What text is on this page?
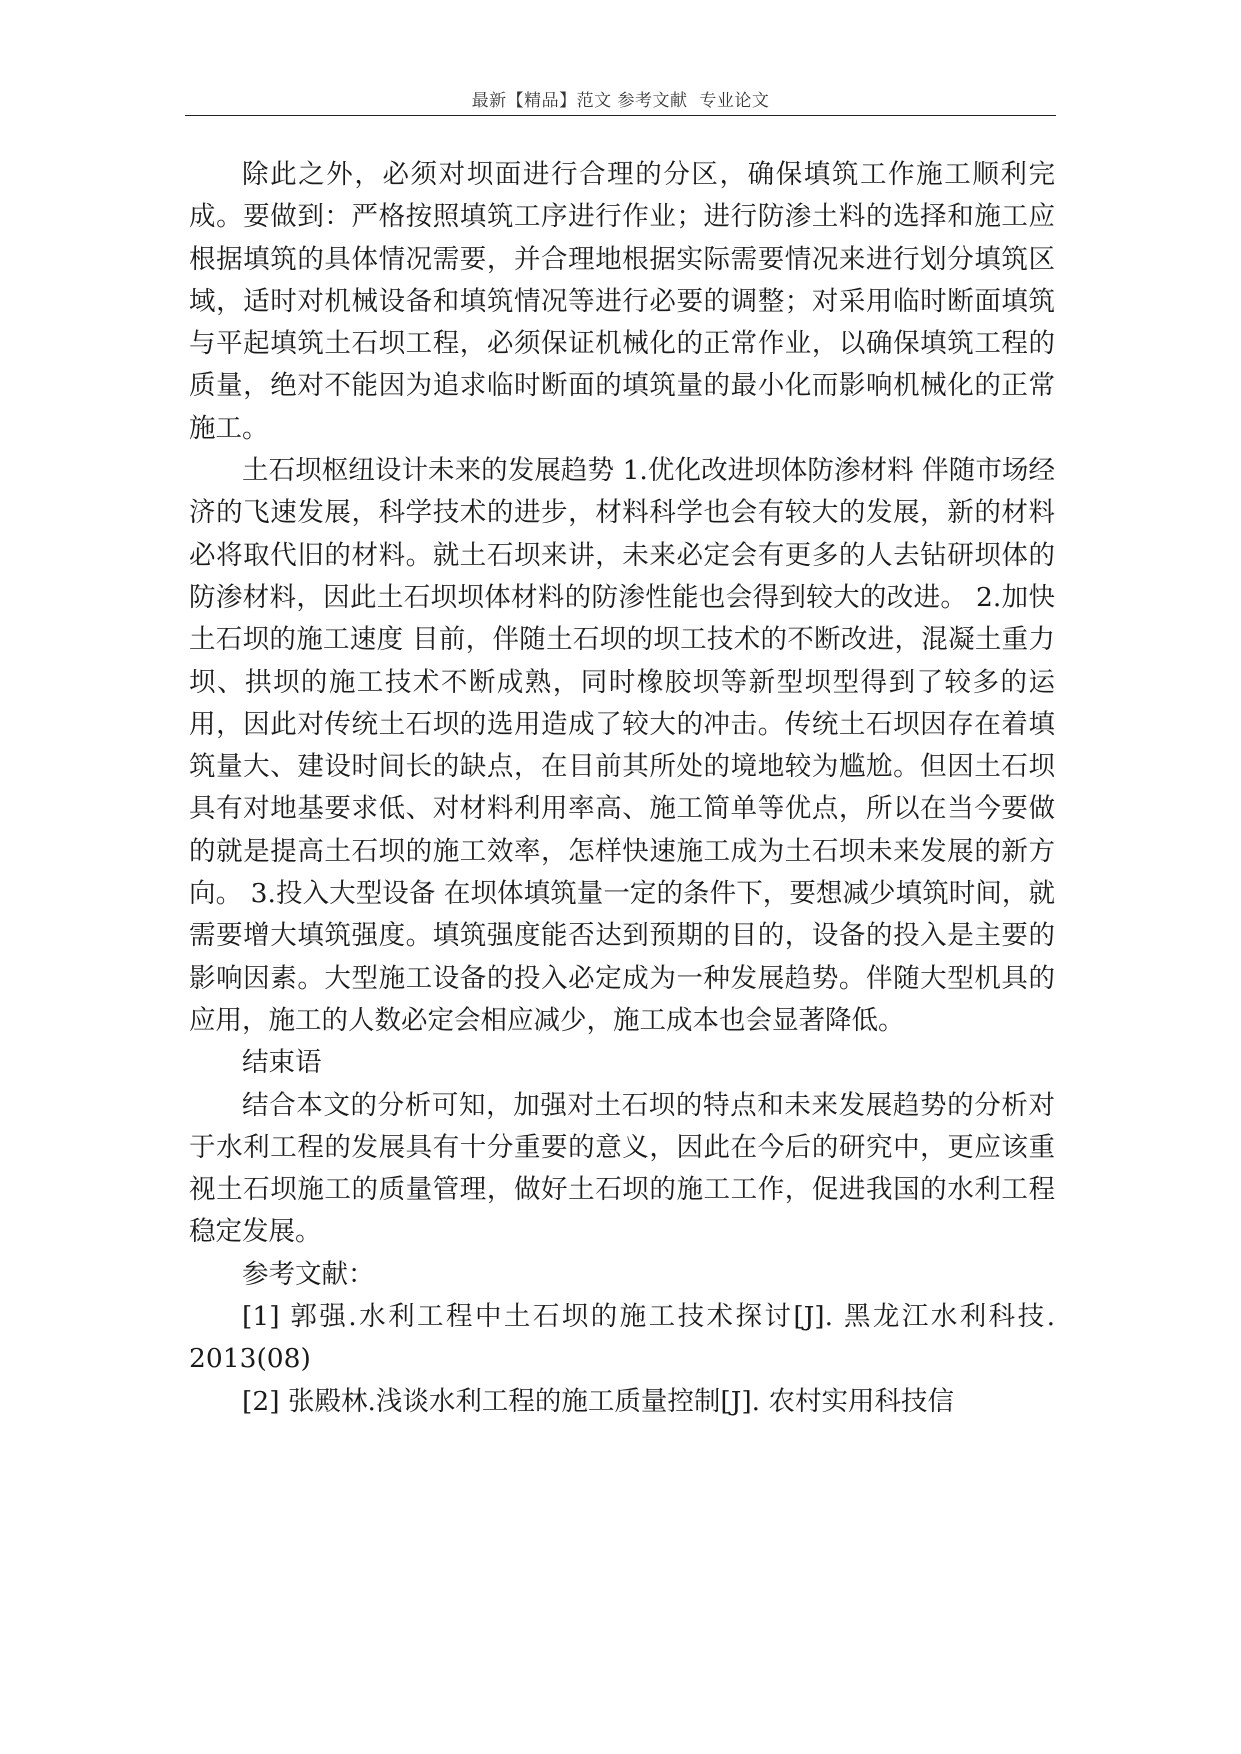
最新【精品】范文 参考文献  专业论文

除此之外，必须对坝面进行合理的分区，确保填筑工作施工顺利完成。要做到：严格按照填筑工序进行作业；进行防渗土料的选择和施工应根据填筑的具体情况需要，并合理地根据实际需要情况来进行划分填筑区域，适时对机械设备和填筑情况等进行必要的调整；对采用临时断面填筑与平起填筑土石坝工程，必须保证机械化的正常作业，以确保填筑工程的质量，绝对不能因为追求临时断面的填筑量的最小化而影响机械化的正常施工。

土石坝枢纽设计未来的发展趋势 1.优化改进坝体防渗材料 伴随市场经济的飞速发展，科学技术的进步，材料科学也会有较大的发展，新的材料必将取代旧的材料。就土石坝来讲，未来必定会有更多的人去钻研坝体的防渗材料，因此土石坝坝体材料的防渗性能也会得到较大的改进。 2.加快土石坝的施工速度 目前，伴随土石坝的坝工技术的不断改进，混凝土重力坝、拱坝的施工技术不断成熟，同时橡胶坝等新型坝型得到了较多的运用，因此对传统土石坝的选用造成了较大的冲击。传统土石坝因存在着填筑量大、建设时间长的缺点，在目前其所处的境地较为尴尬。但因土石坝具有对地基要求低、对材料利用率高、施工简单等优点，所以在当今要做的就是提高土石坝的施工效率，怎样快速施工成为土石坝未来发展的新方向。 3.投入大型设备 在坝体填筑量一定的条件下，要想减少填筑时间，就需要增大填筑强度。填筑强度能否达到预期的目的，设备的投入是主要的影响因素。大型施工设备的投入必定成为一种发展趋势。伴随大型机具的应用，施工的人数必定会相应减少，施工成本也会显著降低。

结束语

结合本文的分析可知，加强对土石坝的特点和未来发展趋势的分析对于水利工程的发展具有十分重要的意义，因此在今后的研究中，更应该重视土石坝施工的质量管理，做好土石坝的施工工作，促进我国的水利工程稳定发展。

参考文献：

[1] 郭强.水利工程中土石坝的施工技术探讨[J]. 黑龙江水利科技. 2013(08)

[2] 张殿林.浅谈水利工程的施工质量控制[J]. 农村实用科技信
